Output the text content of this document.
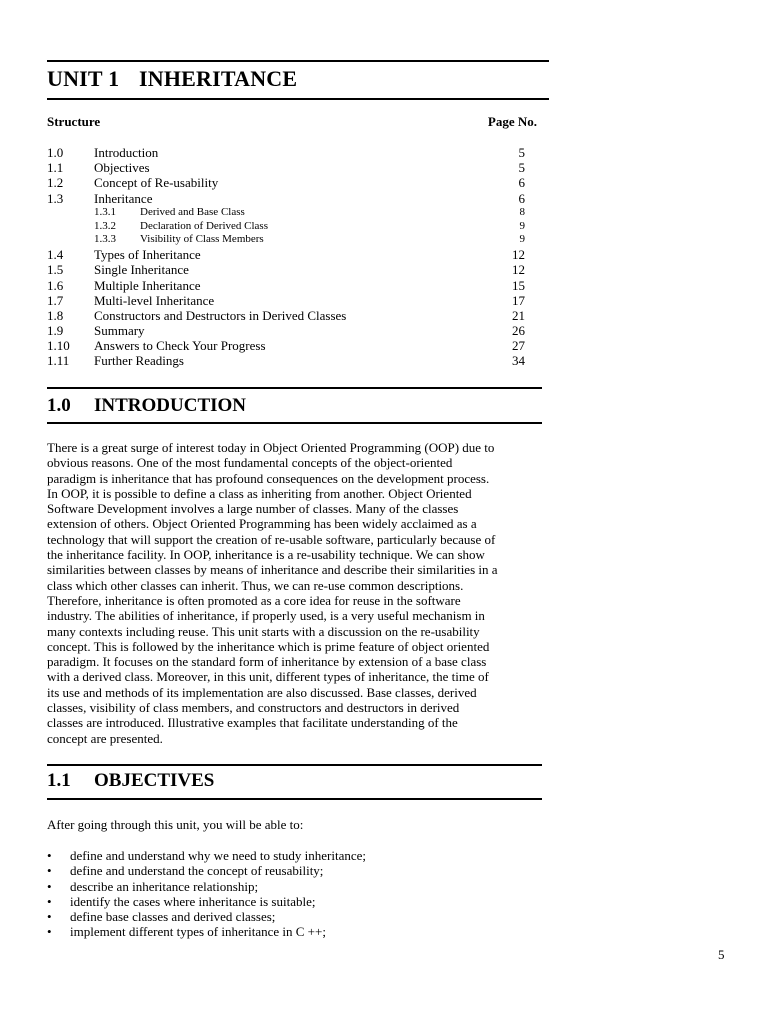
UNIT 1 INHERITANCE
Structure	Page No.
1.0 Introduction	5
1.1 Objectives	5
1.2 Concept of Re-usability	6
1.3 Inheritance	6
1.3.1 Derived and Base Class	8
1.3.2 Declaration of Derived Class	9
1.3.3 Visibility of Class Members	9
1.4 Types of Inheritance	12
1.5 Single Inheritance	12
1.6 Multiple Inheritance	15
1.7 Multi-level Inheritance	17
1.8 Constructors and Destructors in Derived Classes	21
1.9 Summary	26
1.10 Answers to Check Your Progress	27
1.11 Further Readings	34
1.0 INTRODUCTION

There is a great surge of interest today in Object Oriented Programming (OOP) due to
obvious reasons. One of the most fundamental concepts of the object-oriented
paradigm is inheritance that has profound consequences on the development process.
In OOP, it is possible to define a class as inheriting from another. Object Oriented
Software Development involves a large number of classes. Many of the classes
extension of others. Object Oriented Programming has been widely acclaimed as a
technology that will support the creation of re-usable software, particularly because of
the inheritance facility. In OOP, inheritance is a re-usability technique. We can show
similarities between classes by means of inheritance and describe their similarities in a
class which other classes can inherit. Thus, we can re-use common descriptions.
Therefore, inheritance is often promoted as a core idea for reuse in the software
industry. The abilities of inheritance, if properly used, is a very useful mechanism in
many contexts including reuse. This unit starts with a discussion on the re-usability
concept. This is followed by the inheritance which is prime feature of object oriented
paradigm. It focuses on the standard form of inheritance by extension of a base class
with a derived class. Moreover, in this unit, different types of inheritance, the time of
its use and methods of its implementation are also discussed. Base classes, derived
classes, visibility of class members, and constructors and destructors in derived
classes are introduced. Illustrative examples that facilitate understanding of the
concept are presented.

1.1 OBJECTIVES

After going through this unit, you will be able to:

• define and understand why we need to study inheritance;
• define and understand the concept of reusability;
• describe an inheritance relationship;
• identify the cases where inheritance is suitable;
• define base classes and derived classes;
• implement different types of inheritance in C ++;
5
